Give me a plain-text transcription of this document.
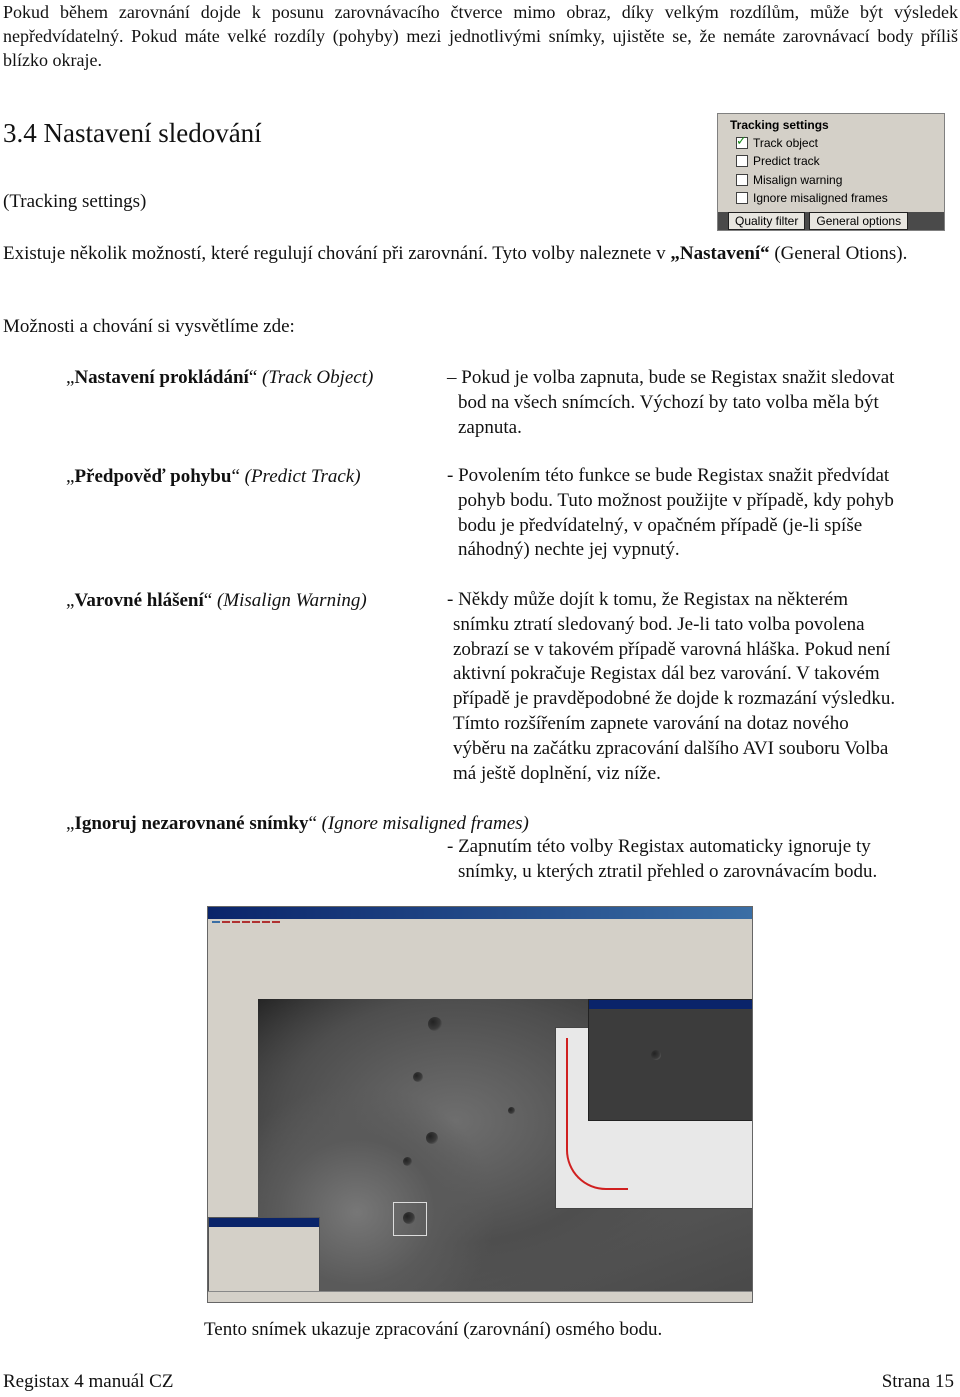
Pokud během zarovnání dojde k posunu zarovnávacího čtverce mimo obraz, díky velkým rozdílům, může být výsledek nepředvídatelný. Pokud máte velké rozdíly (pohyby) mezi jednotlivými snímky, ujistěte se, že nemáte zarovnávací body příliš blízko okraje.
3.4 Nastavení sledování
(Tracking settings)
Tracking settings
✓
Track object
Predict track
Misalign warning
Ignore misaligned frames
Quality filter	General options
Existuje několik možností, které regulují chování při zarovnání. Tyto volby naleznete v „Nastavení“ (General Otions).
Možnosti a chování si vysvětlíme zde:
„Nastavení prokládání“ (Track Object)	– Pokud je volba zapnuta, bude se Registax snažit sledovat
bod na všech snímcích. Výchozí by tato volba měla být
zapnuta.
„Předpověď pohybu“ (Predict Track)	- Povolením této funkce se bude Registax snažit předvídat
pohyb bodu. Tuto možnost použijte v případě, kdy pohyb
bodu je předvídatelný, v opačném případě (je-li spíše
náhodný) nechte jej vypnutý.
„Varovné hlášení“ (Misalign Warning)	- Někdy může dojít k tomu, že Registax na některém
snímku ztratí sledovaný bod. Je-li tato volba povolena
zobrazí se v takovém případě varovná hláška. Pokud není
aktivní pokračuje Registax dál bez varování. V takovém
případě je pravděpodobné že dojde k rozmazání výsledku.
Tímto rozšířením zapnete varování na dotaz nového
výběru na začátku zpracování dalšího AVI souboru Volba
má ještě doplnění, viz níže.
„Ignoruj nezarovnané snímky“ (Ignore misaligned frames)
- Zapnutím této volby Registax automaticky ignoruje ty
snímky, u kterých ztratil přehled o zarovnávacím bodu.
Tento snímek ukazuje zpracování (zarovnání) osmého bodu.
Registax 4 manuál CZ	Strana 15
